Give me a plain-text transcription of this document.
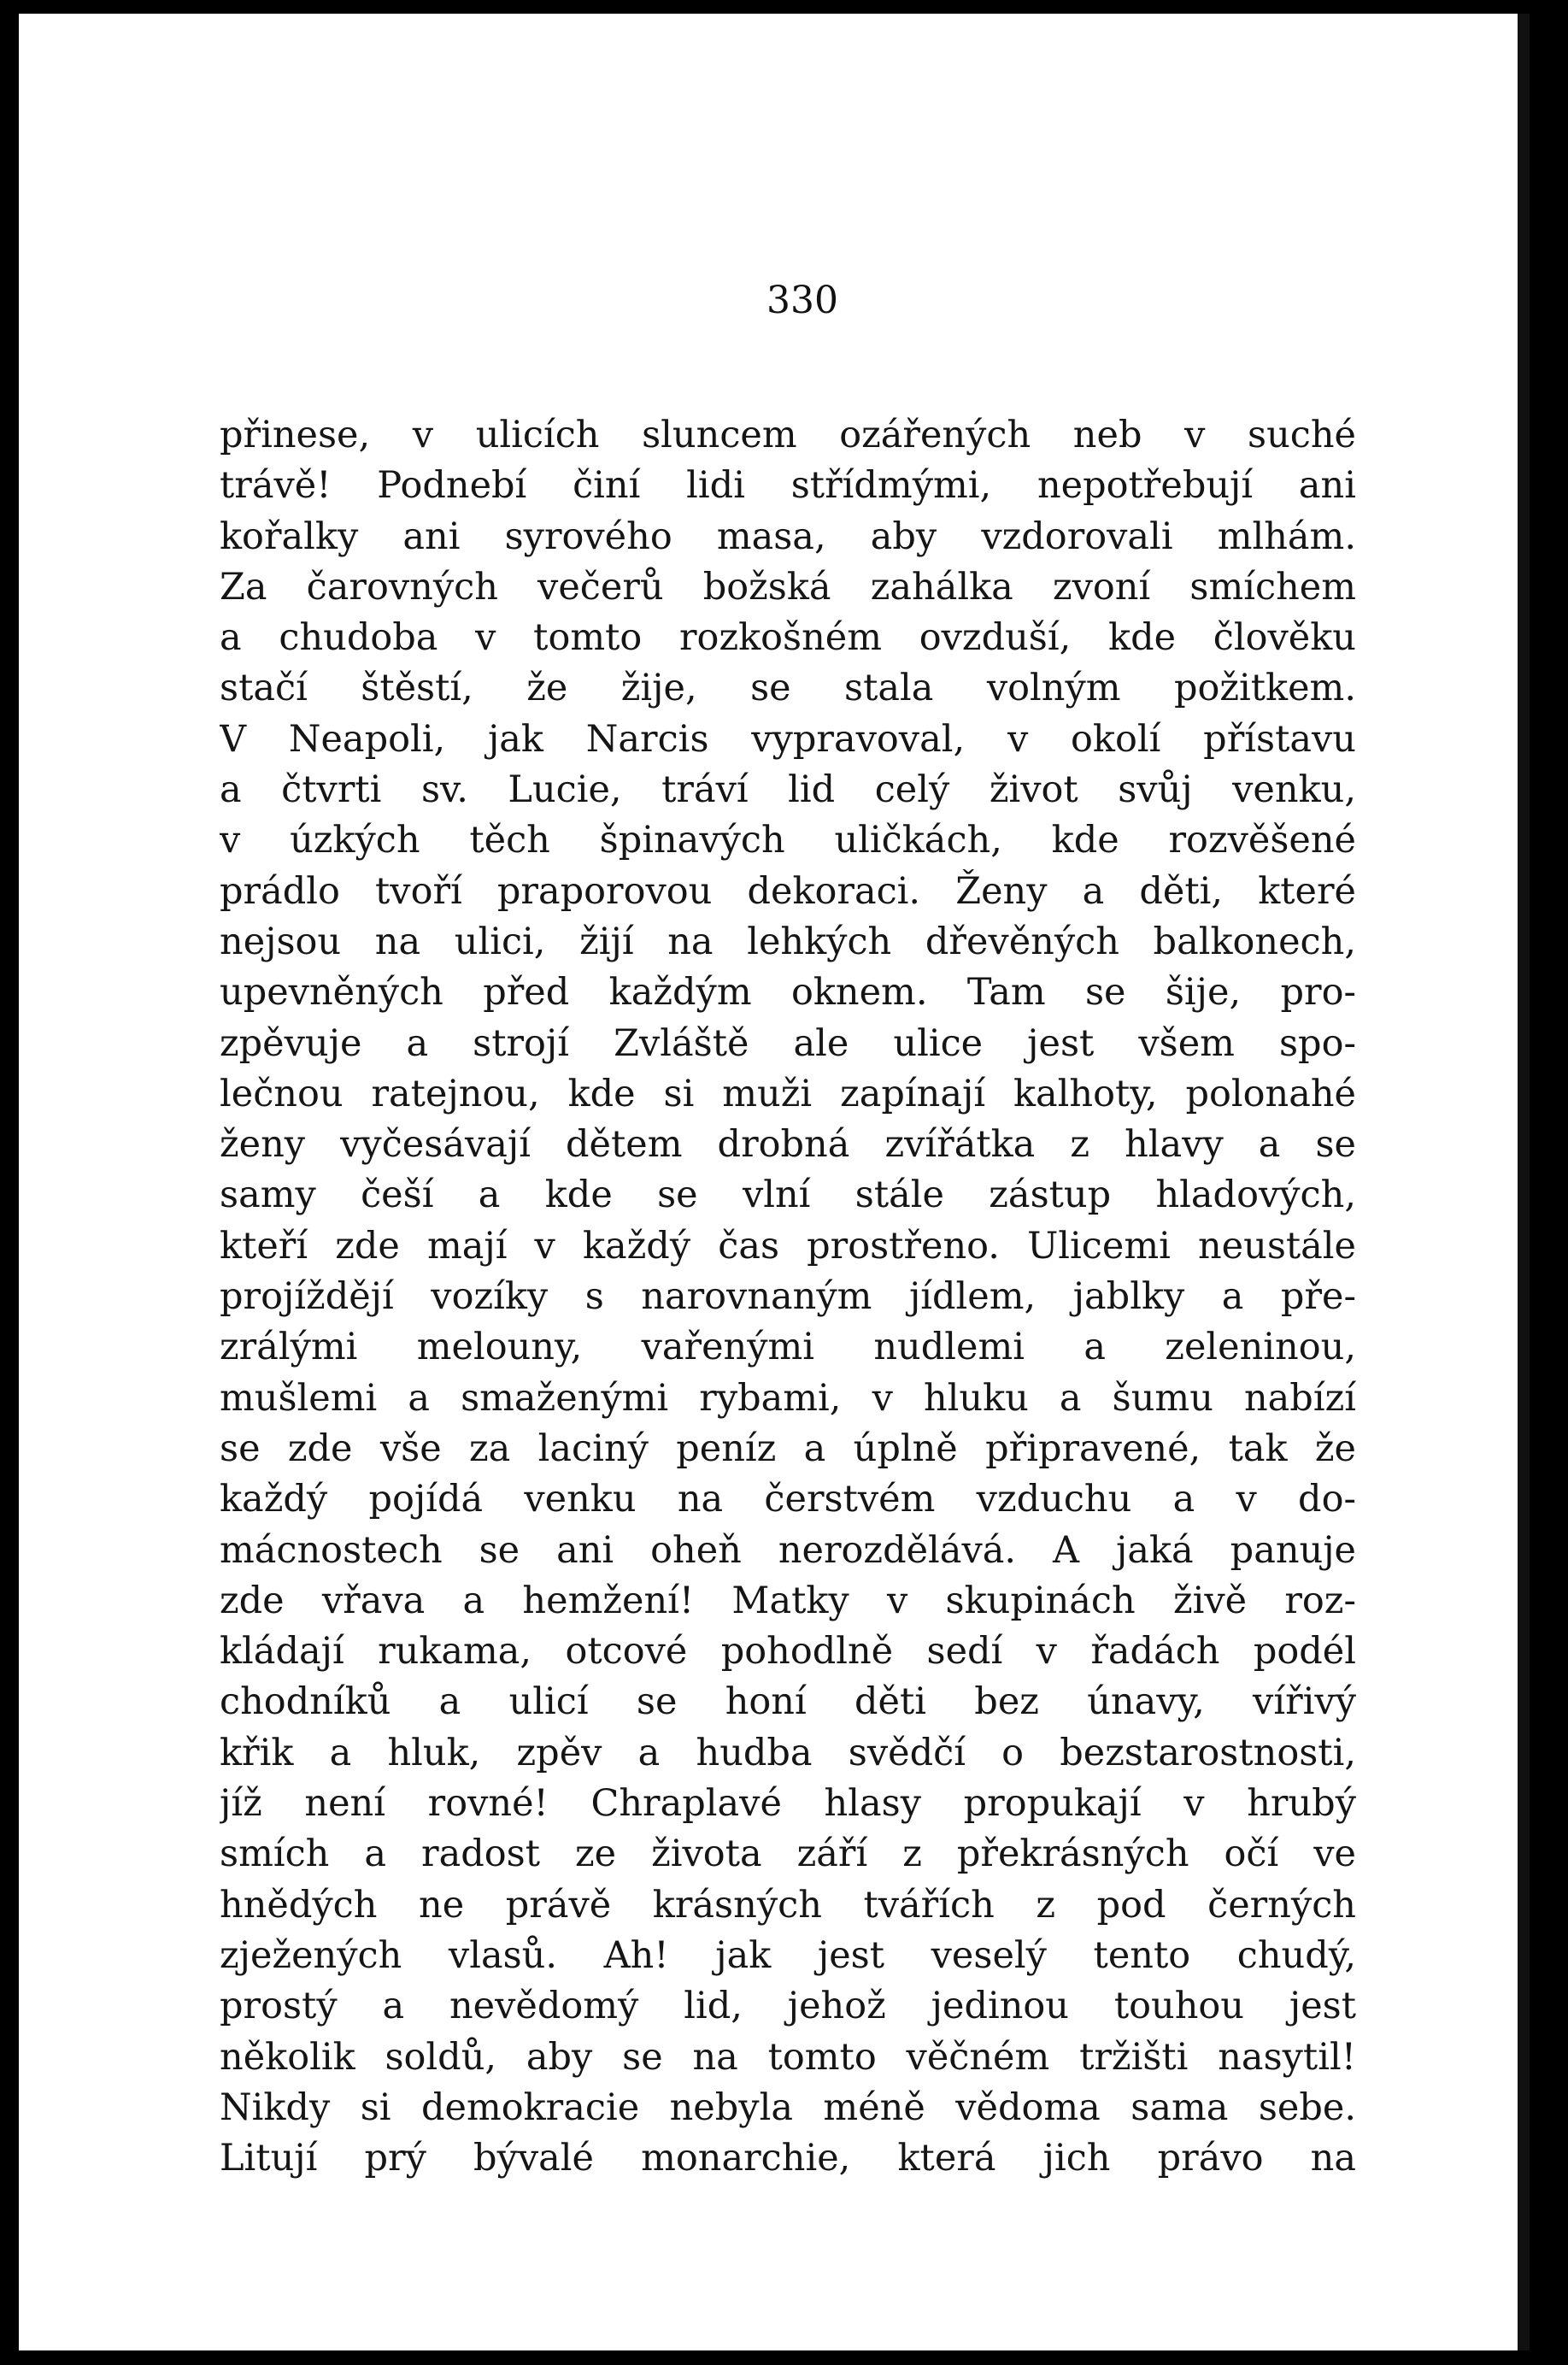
330
přinese, v ulicích sluncem ozářených neb v suché
trávě! Podnebí činí lidi střídmými, nepotřebují ani
kořalky ani syrového masa, aby vzdorovali mlhám.
Za čarovných večerů božská zahálka zvoní smíchem
a chudoba v tomto rozkošném ovzduší, kde člověku
stačí štěstí, že žije, se stala volným požitkem.
V Neapoli, jak Narcis vypravoval, v okolí přístavu
a čtvrti sv. Lucie, tráví lid celý život svůj venku,
v úzkých těch špinavých uličkách, kde rozvěšené
prádlo tvoří praporovou dekoraci. Ženy a děti, které
nejsou na ulici, žijí na lehkých dřevěných balkonech,
upevněných před každým oknem. Tam se šije, pro-
zpěvuje a strojí Zvláště ale ulice jest všem spo-
lečnou ratejnou, kde si muži zapínají kalhoty, polonahé
ženy vyčesávají dětem drobná zvířátka z hlavy a se
samy češí a kde se vlní stále zástup hladových,
kteří zde mají v každý čas prostřeno. Ulicemi neustále
projíždějí vozíky s narovnaným jídlem, jablky a pře-
zrálými melouny, vařenými nudlemi a zeleninou,
mušlemi a smaženými rybami, v hluku a šumu nabízí
se zde vše za laciný peníz a úplně připravené, tak že
každý pojídá venku na čerstvém vzduchu a v do-
mácnostech se ani oheň nerozdělává. A jaká panuje
zde vřava a hemžení! Matky v skupinách živě roz-
kládají rukama, otcové pohodlně sedí v řadách podél
chodníků a ulicí se honí děti bez únavy, vířivý
křik a hluk, zpěv a hudba svědčí o bezstarostnosti,
jíž není rovné! Chraplavé hlasy propukají v hrubý
smích a radost ze života září z překrásných očí ve
hnědých ne právě krásných tvářích z pod černých
zježených vlasů. Ah! jak jest veselý tento chudý,
prostý a nevědomý lid, jehož jedinou touhou jest
několik soldů, aby se na tomto věčném tržišti nasytil!
Nikdy si demokracie nebyla méně vědoma sama sebe.
Litují prý bývalé monarchie, která jich právo na
